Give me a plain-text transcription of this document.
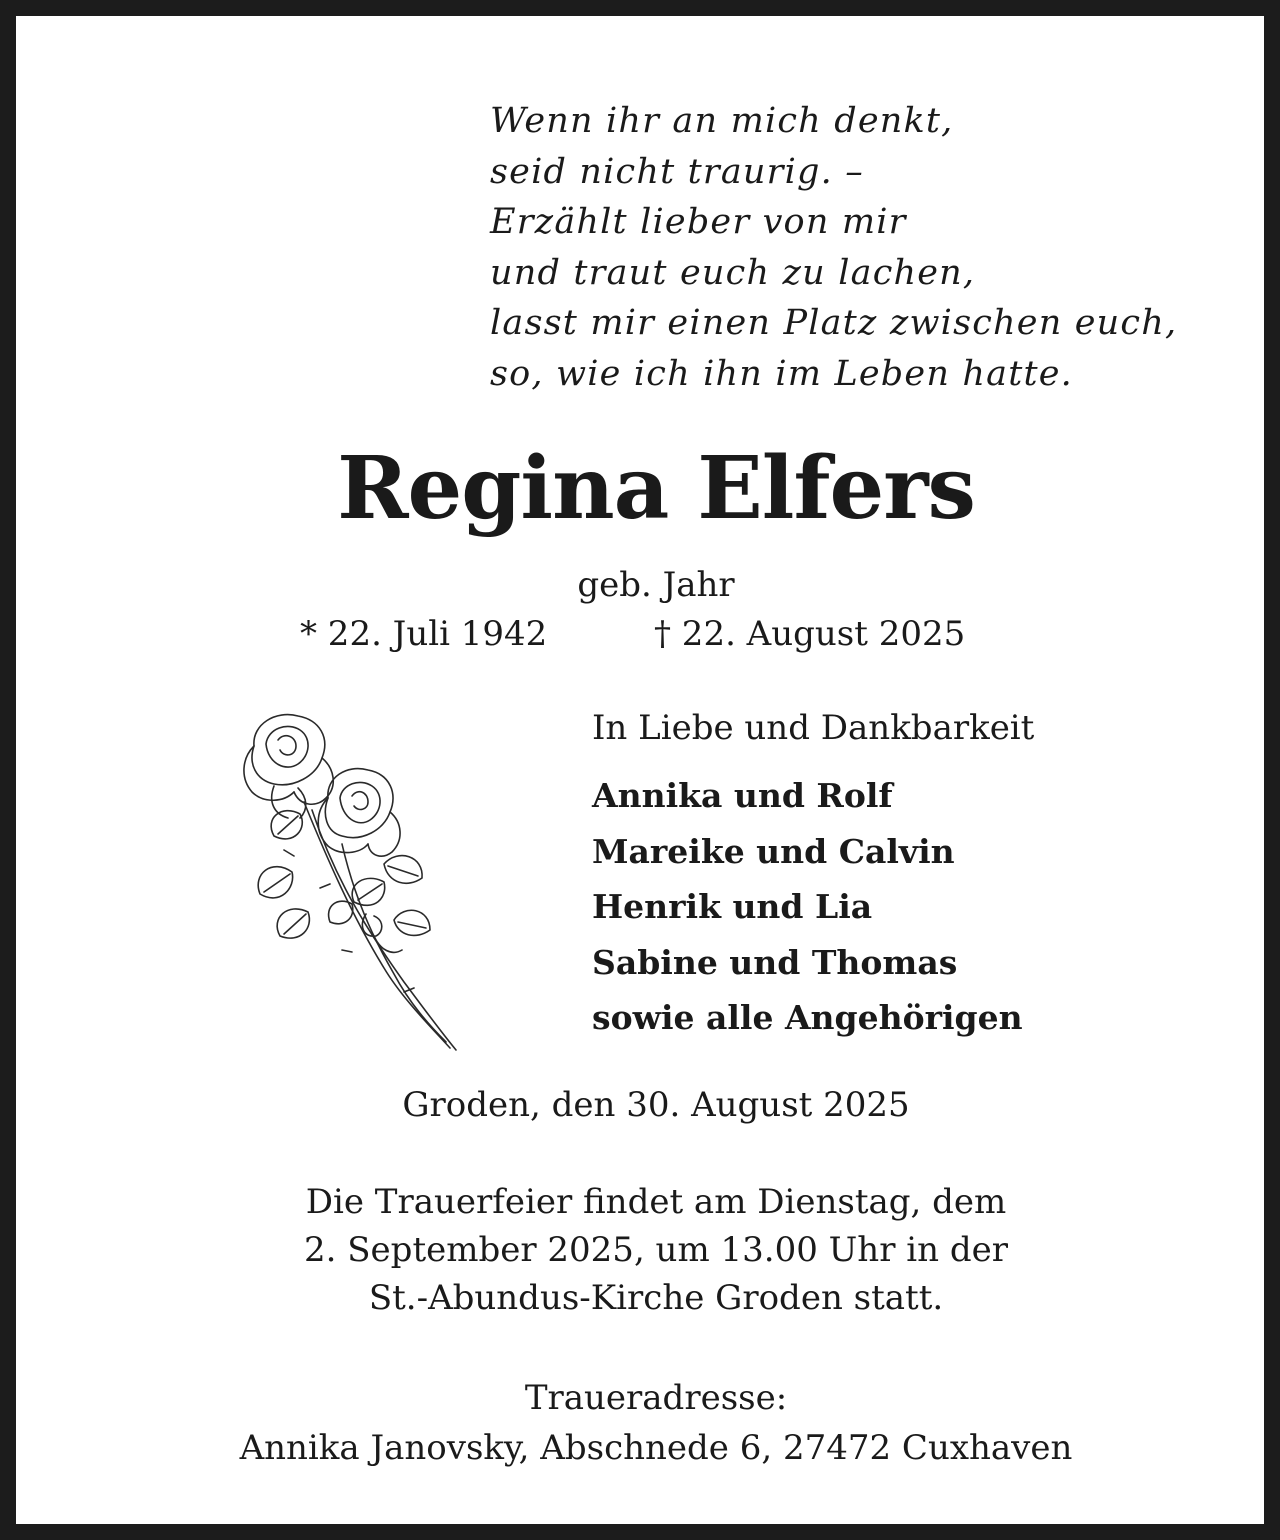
Wenn ihr an mich denkt,
seid nicht traurig. –
Erzählt lieber von mir
und traut euch zu lachen,
lasst mir einen Platz zwischen euch,
so, wie ich ihn im Leben hatte.
Regina Elfers
geb. Jahr
* 22. Juli 1942	† 22. August 2025
In Liebe und Dankbarkeit
Annika und Rolf
Mareike und Calvin
Henrik und Lia
Sabine und Thomas
sowie alle Angehörigen
Groden, den 30. August 2025
Die Trauerfeier findet am Dienstag, dem
2. September 2025, um 13.00 Uhr in der
St.-Abundus-Kirche Groden statt.
Traueradresse:
Annika Janovsky, Abschnede 6, 27472 Cuxhaven
